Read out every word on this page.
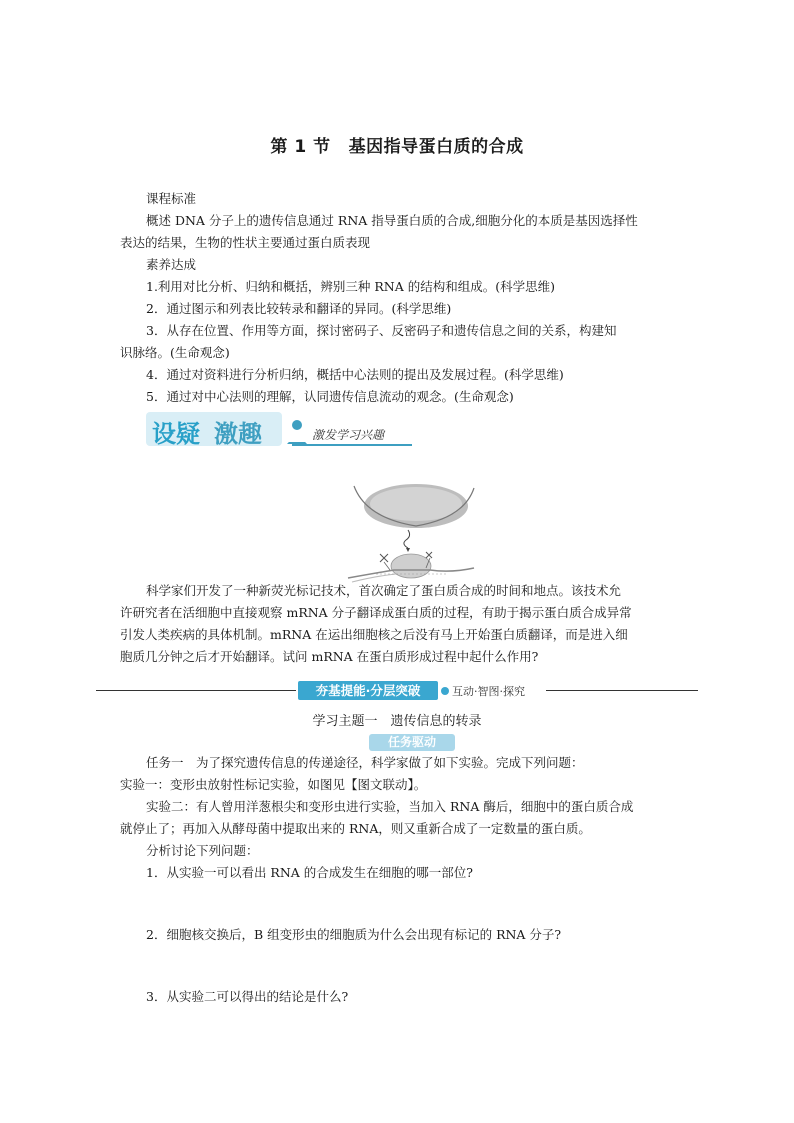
第 1 节 基因指导蛋白质的合成
课程标准
概述 DNA 分子上的遗传信息通过 RNA 指导蛋白质的合成,细胞分化的本质是基因选择性
表达的结果，生物的性状主要通过蛋白质表现
素养达成
1.利用对比分析、归纳和概括，辨别三种 RNA 的结构和组成。(科学思维)
2．通过图示和列表比较转录和翻译的异同。(科学思维)
3．从存在位置、作用等方面，探讨密码子、反密码子和遗传信息之间的关系，构建知
识脉络。(生命观念)
4．通过对资料进行分析归纳，概括中心法则的提出及发展过程。(科学思维)
5．通过对中心法则的理解，认同遗传信息流动的观念。(生命观念)
设疑 激趣	激发学习兴趣
科学家们开发了一种新荧光标记技术，首次确定了蛋白质合成的时间和地点。该技术允
许研究者在活细胞中直接观察 mRNA 分子翻译成蛋白质的过程，有助于揭示蛋白质合成异常
引发人类疾病的具体机制。mRNA 在运出细胞核之后没有马上开始蛋白质翻译，而是进入细
胞质几分钟之后才开始翻译。试问 mRNA 在蛋白质形成过程中起什么作用?
夯基提能·分层突破	互动·智图·探究
学习主题一　遗传信息的转录
任务驱动
任务一　为了探究遗传信息的传递途径，科学家做了如下实验。完成下列问题：
实验一：变形虫放射性标记实验，如图见【图文联动】。
实验二：有人曾用洋葱根尖和变形虫进行实验，当加入 RNA 酶后，细胞中的蛋白质合成
就停止了；再加入从酵母菌中提取出来的 RNA，则又重新合成了一定数量的蛋白质。
分析讨论下列问题：
1．从实验一可以看出 RNA 的合成发生在细胞的哪一部位?
2．细胞核交换后，B 组变形虫的细胞质为什么会出现有标记的 RNA 分子?
3．从实验二可以得出的结论是什么?
